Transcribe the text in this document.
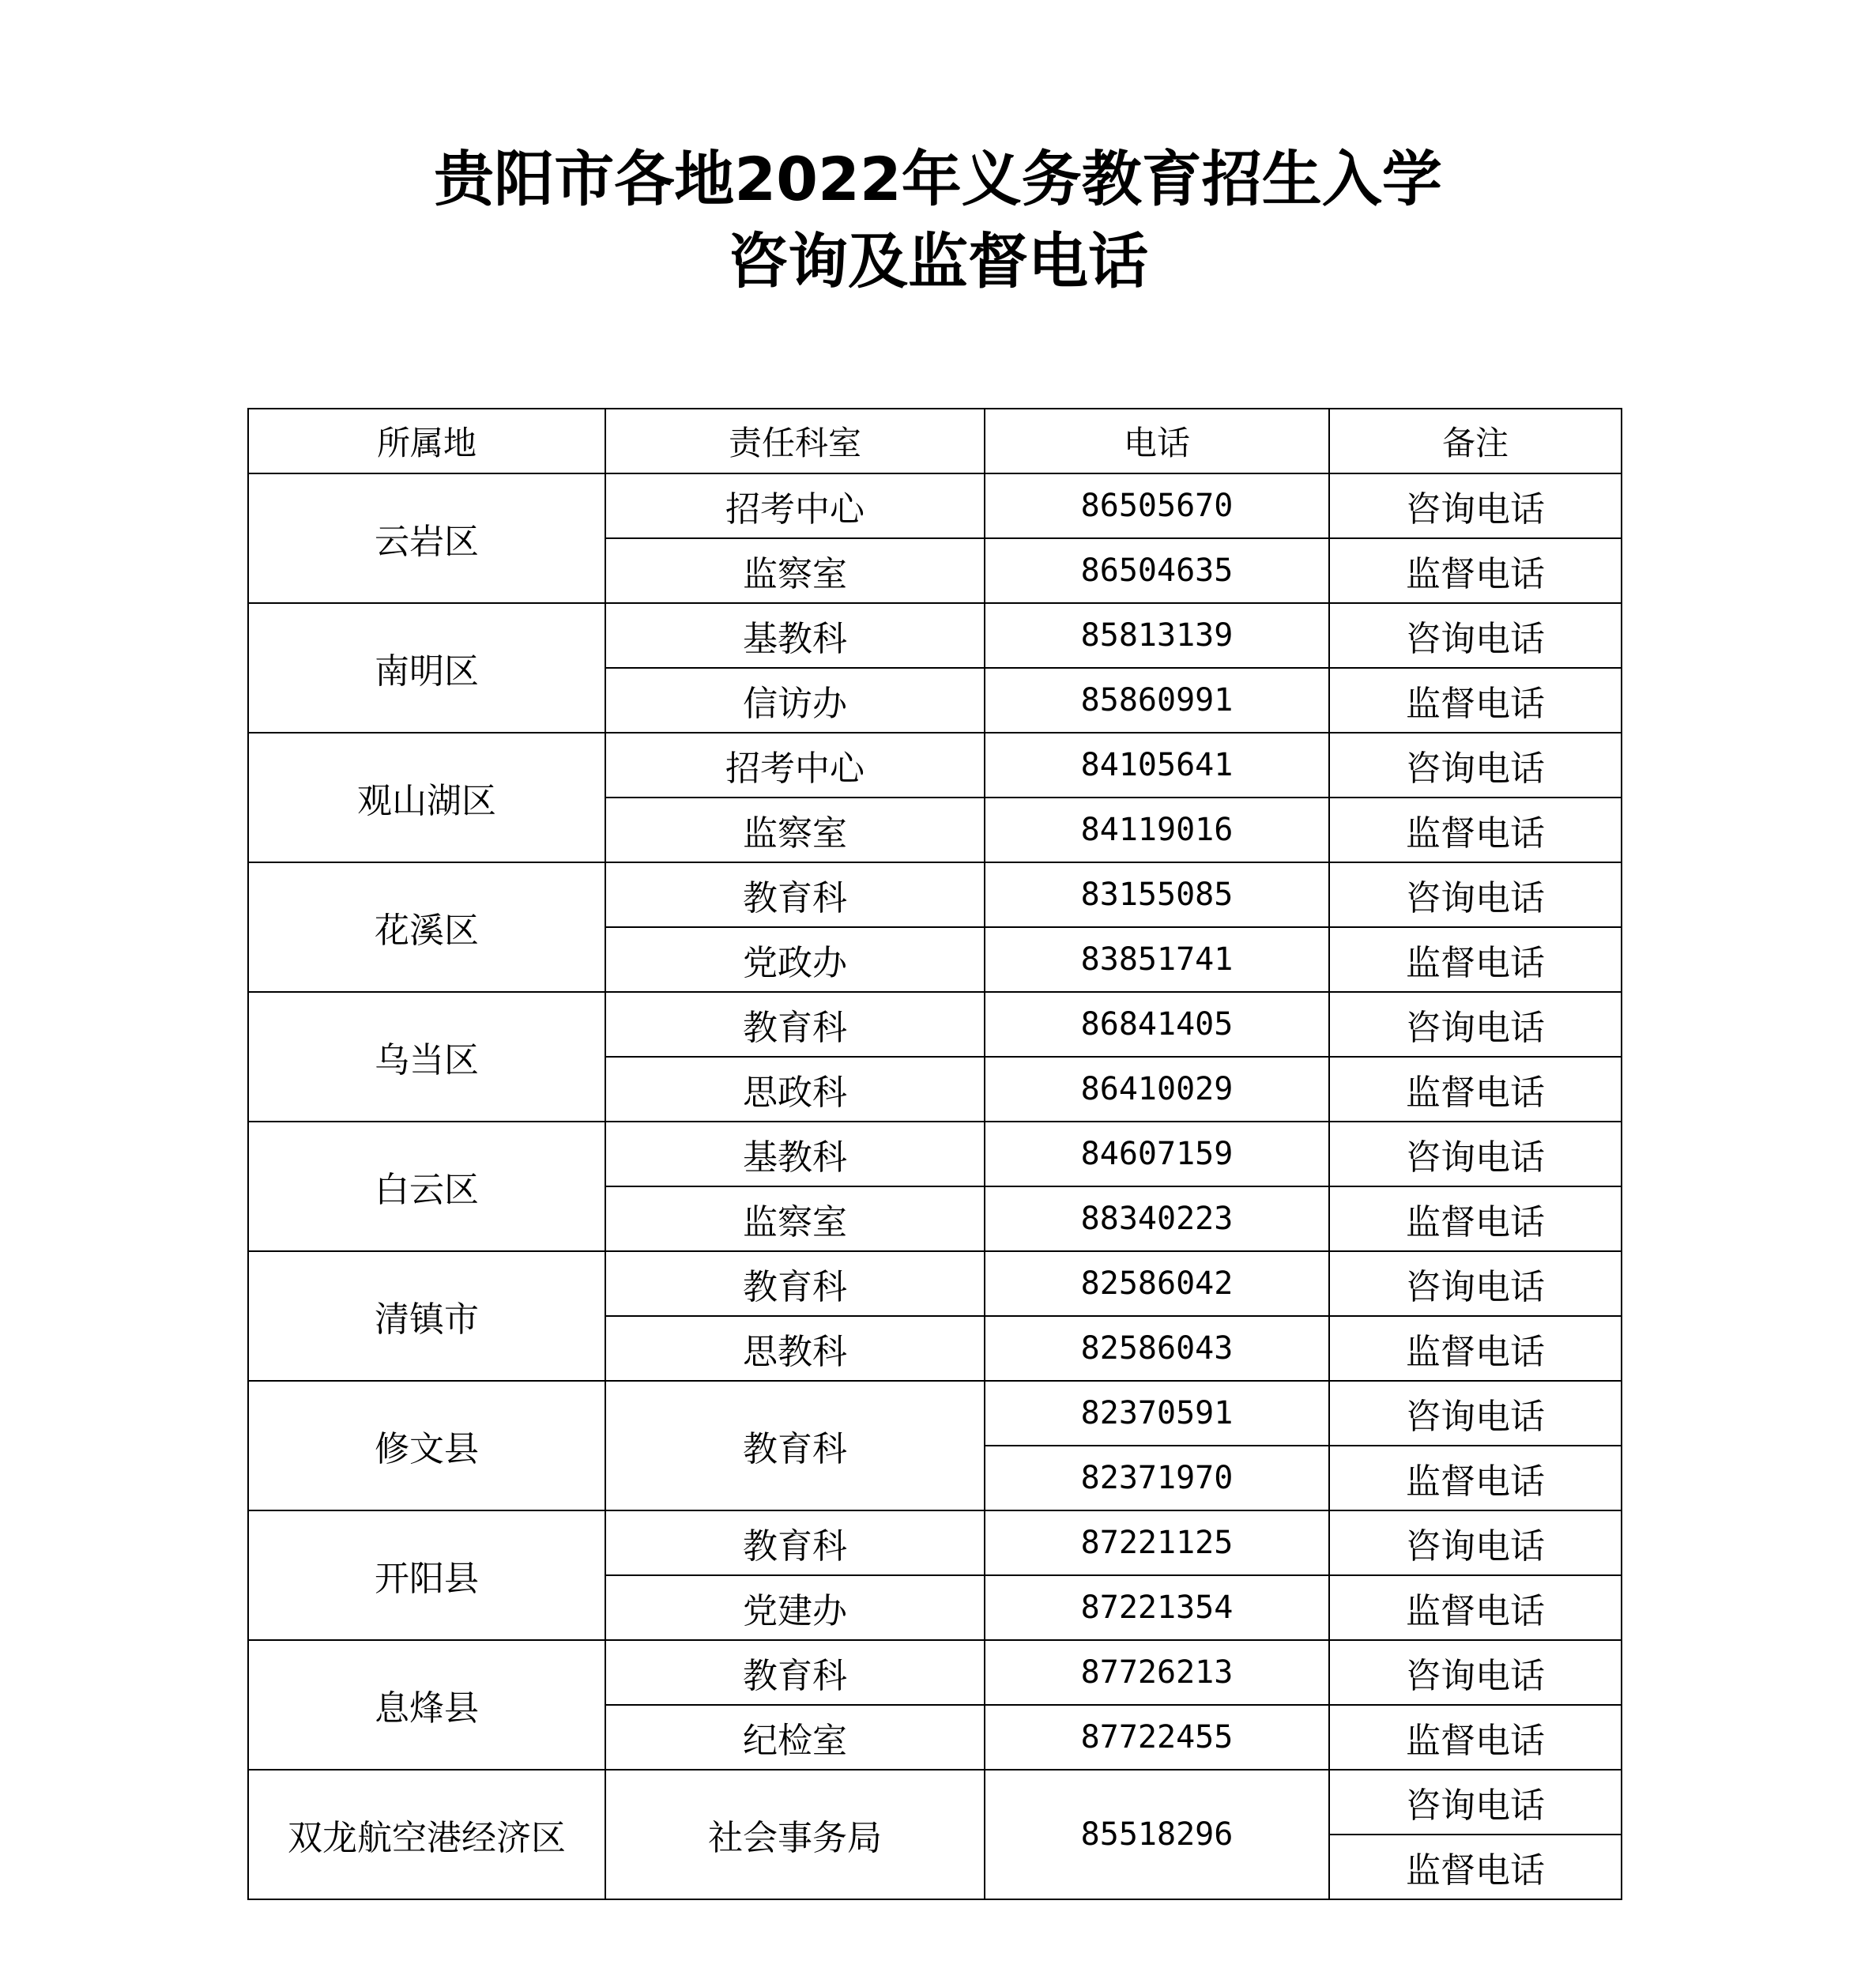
贵阳市各地2022年义务教育招生入学
咨询及监督电话
所属地	责任科室	电话	备注
云岩区	招考中心	86505670	咨询电话
	监察室	86504635	监督电话
南明区	基教科	85813139	咨询电话
	信访办	85860991	监督电话
观山湖区	招考中心	84105641	咨询电话
	监察室	84119016	监督电话
花溪区	教育科	83155085	咨询电话
	党政办	83851741	监督电话
乌当区	教育科	86841405	咨询电话
	思政科	86410029	监督电话
白云区	基教科	84607159	咨询电话
	监察室	88340223	监督电话
清镇市	教育科	82586042	咨询电话
	思教科	82586043	监督电话
修文县	教育科	82370591	咨询电话
		82371970	监督电话
开阳县	教育科	87221125	咨询电话
	党建办	87221354	监督电话
息烽县	教育科	87726213	咨询电话
	纪检室	87722455	监督电话
双龙航空港经济区	社会事务局	85518296	咨询电话
			监督电话
